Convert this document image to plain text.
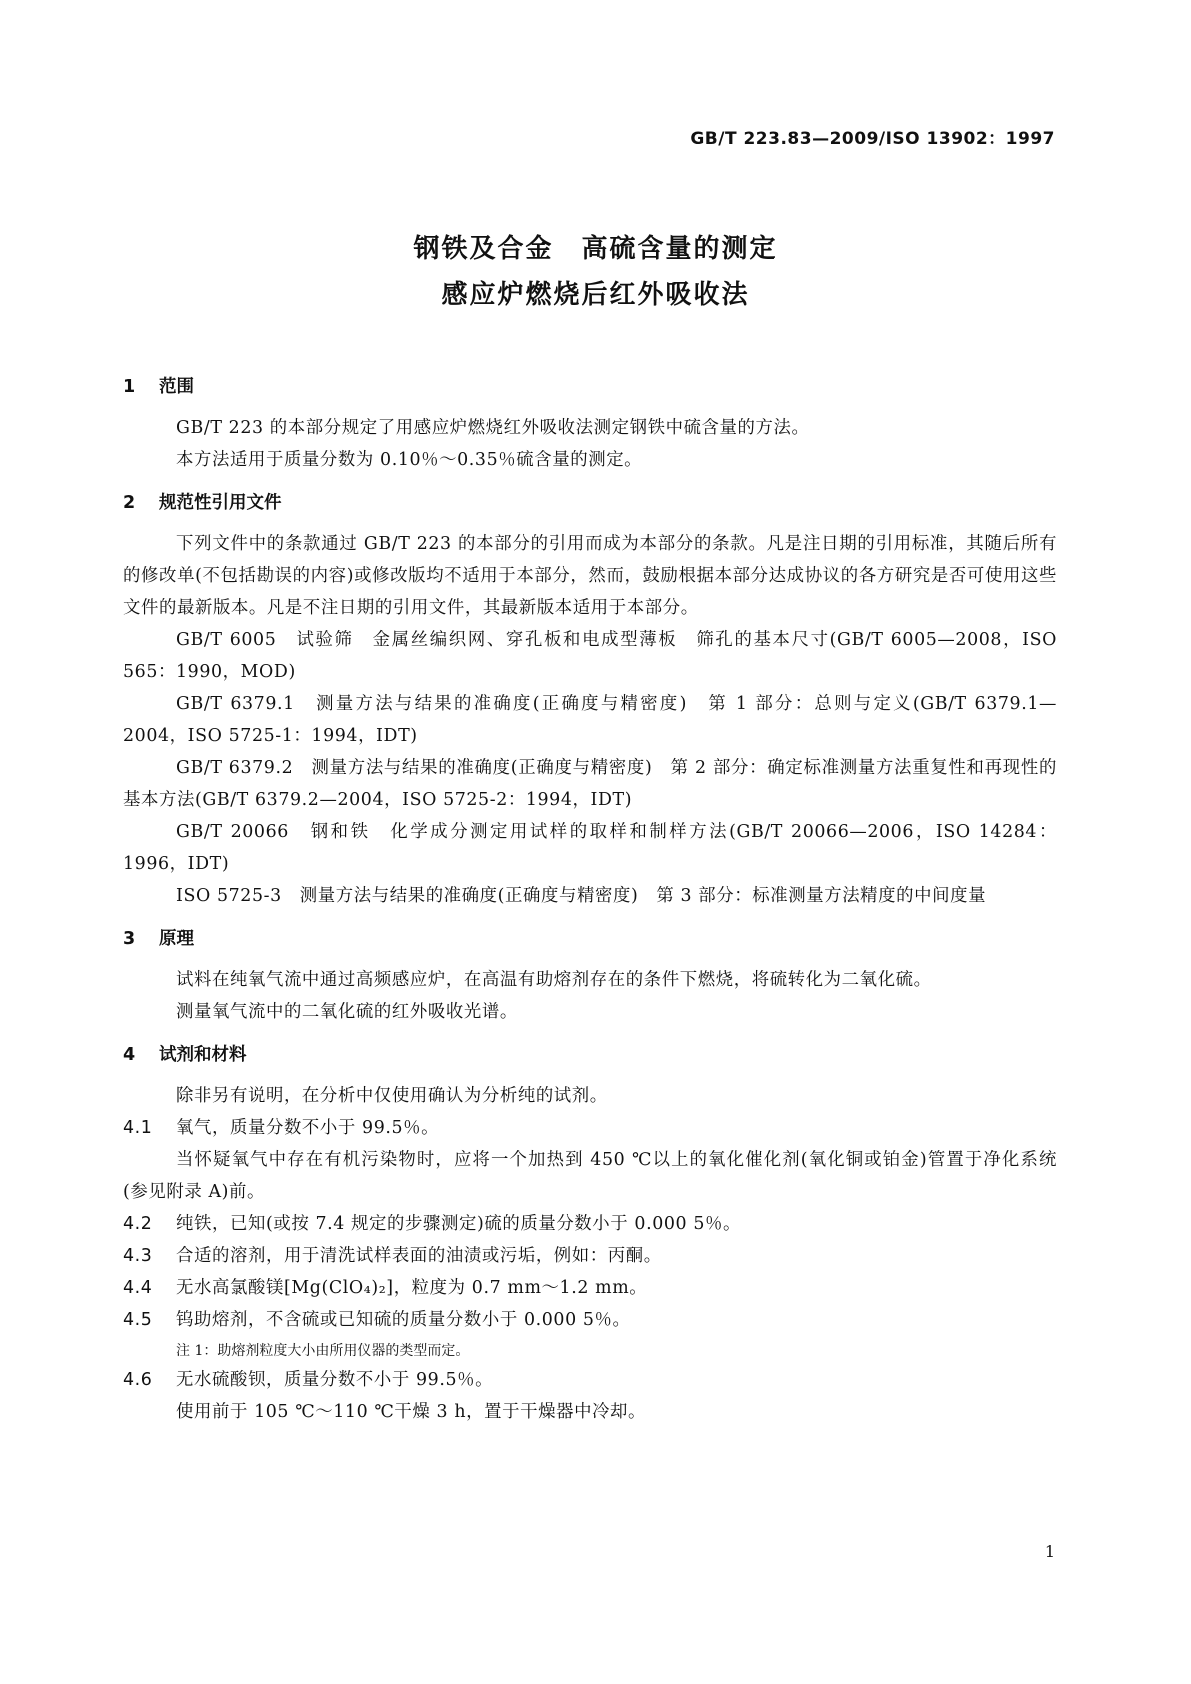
GB/T 223.83—2009/ISO 13902：1997
钢铁及合金　高硫含量的测定
感应炉燃烧后红外吸收法
1 范围

GB/T 223 的本部分规定了用感应炉燃烧红外吸收法测定钢铁中硫含量的方法。

本方法适用于质量分数为 0.10％～0.35％硫含量的测定。

2 规范性引用文件

下列文件中的条款通过 GB/T 223 的本部分的引用而成为本部分的条款。凡是注日期的引用标准，其随后所有的修改单(不包括勘误的内容)或修改版均不适用于本部分，然而，鼓励根据本部分达成协议的各方研究是否可使用这些文件的最新版本。凡是不注日期的引用文件，其最新版本适用于本部分。

GB/T 6005　试验筛　金属丝编织网、穿孔板和电成型薄板　筛孔的基本尺寸(GB/T 6005—2008，ISO 565：1990，MOD)

GB/T 6379.1　测量方法与结果的准确度(正确度与精密度)　第 1 部分：总则与定义(GB/T 6379.1—2004，ISO 5725-1：1994，IDT)

GB/T 6379.2　测量方法与结果的准确度(正确度与精密度)　第 2 部分：确定标准测量方法重复性和再现性的基本方法(GB/T 6379.2—2004，ISO 5725-2：1994，IDT)

GB/T 20066　钢和铁　化学成分测定用试样的取样和制样方法(GB/T 20066—2006，ISO 14284：1996，IDT)

ISO 5725-3　测量方法与结果的准确度(正确度与精密度)　第 3 部分：标准测量方法精度的中间度量

3 原理

试料在纯氧气流中通过高频感应炉，在高温有助熔剂存在的条件下燃烧，将硫转化为二氧化硫。

测量氧气流中的二氧化硫的红外吸收光谱。

4 试剂和材料

除非另有说明，在分析中仅使用确认为分析纯的试剂。

4.1 氧气，质量分数不小于 99.5％。

当怀疑氧气中存在有机污染物时，应将一个加热到 450 ℃以上的氧化催化剂(氧化铜或铂金)管置于净化系统(参见附录 A)前。

4.2 纯铁，已知(或按 7.4 规定的步骤测定)硫的质量分数小于 0.000 5％。

4.3 合适的溶剂，用于清洗试样表面的油渍或污垢，例如：丙酮。

4.4 无水高氯酸镁[Mg(ClO₄)₂]，粒度为 0.7 mm～1.2 mm。

4.5 钨助熔剂，不含硫或已知硫的质量分数小于 0.000 5％。

注 1：助熔剂粒度大小由所用仪器的类型而定。

4.6 无水硫酸钡，质量分数不小于 99.5％。

使用前于 105 ℃～110 ℃干燥 3 h，置于干燥器中冷却。

1
